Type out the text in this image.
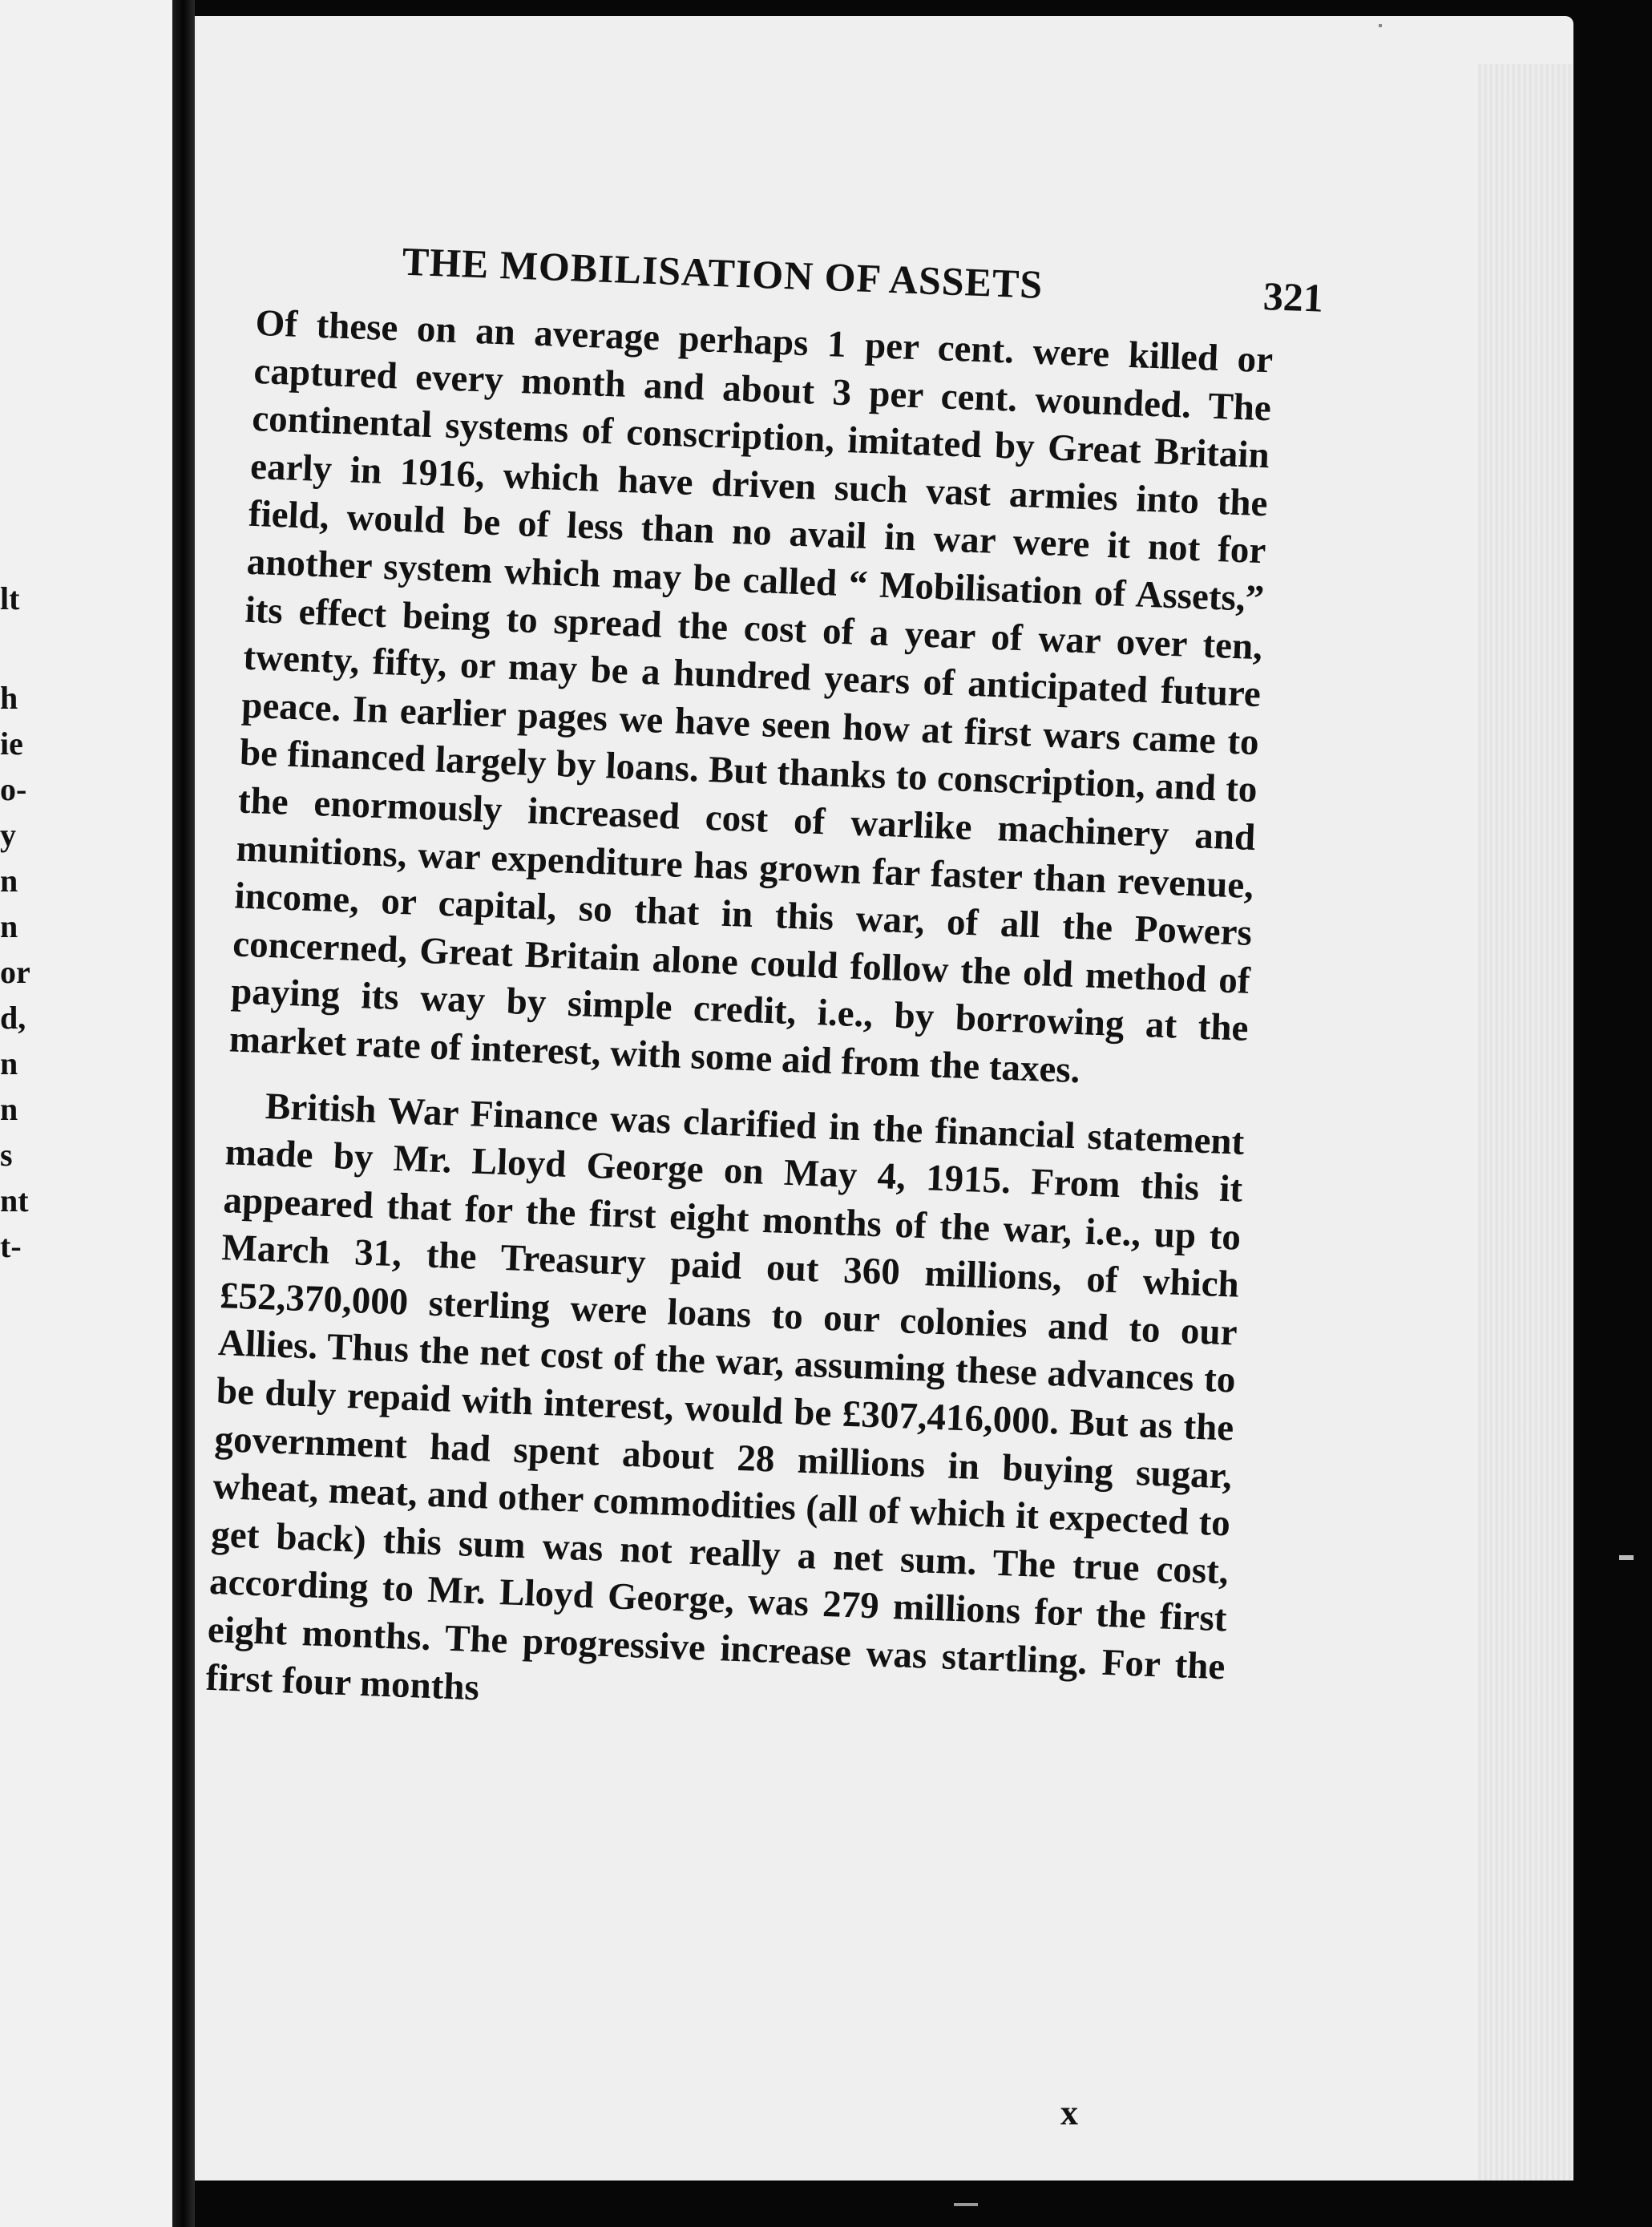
lt
h
ie
o-
y
n
n
or
d,
n
n
s
nt
t-
THE MOBILISATION OF ASSETS	321

Of these on an average perhaps 1 per cent. were killed or captured every month and about 3 per cent. wounded. The continental systems of conscription, imitated by Great Britain early in 1916, which have driven such vast armies into the field, would be of less than no avail in war were it not for another system which may be called “ Mobilisation of Assets,” its effect being to spread the cost of a year of war over ten, twenty, fifty, or may be a hundred years of anticipated future peace. In earlier pages we have seen how at first wars came to be financed largely by loans. But thanks to conscription, and to the enormously increased cost of warlike machinery and munitions, war expenditure has grown far faster than revenue, income, or capital, so that in this war, of all the Powers concerned, Great Britain alone could follow the old method of paying its way by simple credit, i.e., by borrowing at the market rate of interest, with some aid from the taxes.

British War Finance was clarified in the financial statement made by Mr. Lloyd George on May 4, 1915. From this it appeared that for the first eight months of the war, i.e., up to March 31, the Treasury paid out 360 millions, of which £52,370,000 sterling were loans to our colonies and to our Allies. Thus the net cost of the war, assuming these advances to be duly repaid with interest, would be £307,416,000. But as the government had spent about 28 millions in buying sugar, wheat, meat, and other commodities (all of which it expected to get back) this sum was not really a net sum. The true cost, according to Mr. Lloyd George, was 279 millions for the first eight months. The progressive increase was startling. For the first four months

x
